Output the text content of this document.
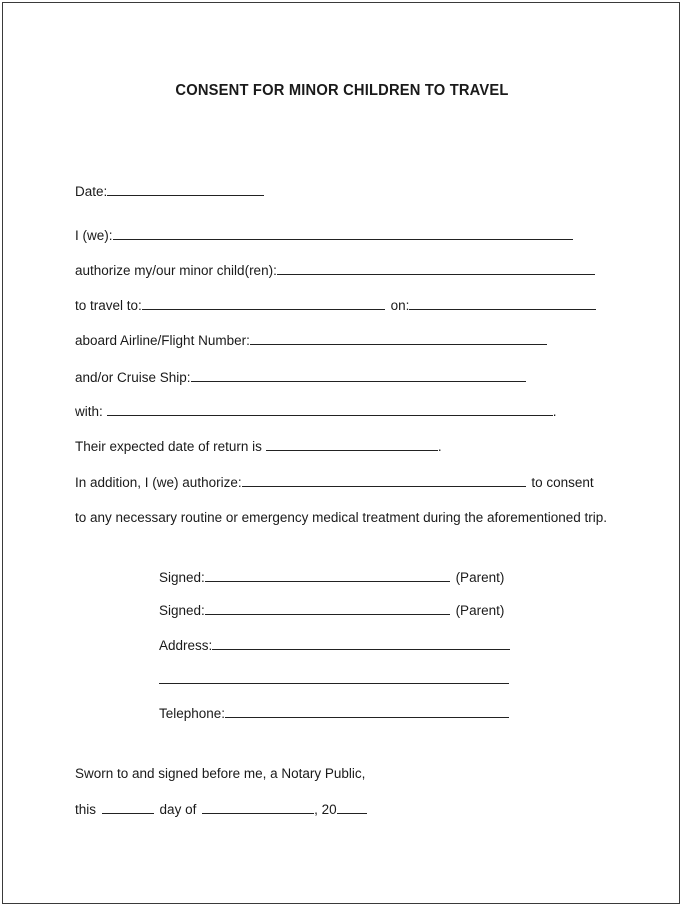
CONSENT FOR MINOR CHILDREN TO TRAVEL
Date:
I (we):
authorize my/our minor child(ren):
to travel to:	on:
aboard Airline/Flight Number:
and/or Cruise Ship:
with:	.
Their expected date of return is	.
In addition, I (we) authorize:	to consent
to any necessary routine or emergency medical treatment during the aforementioned trip.
Signed:	(Parent)
Signed:	(Parent)
Address:
Telephone:
Sworn to and signed before me, a Notary Public,
this	day of	, 20
